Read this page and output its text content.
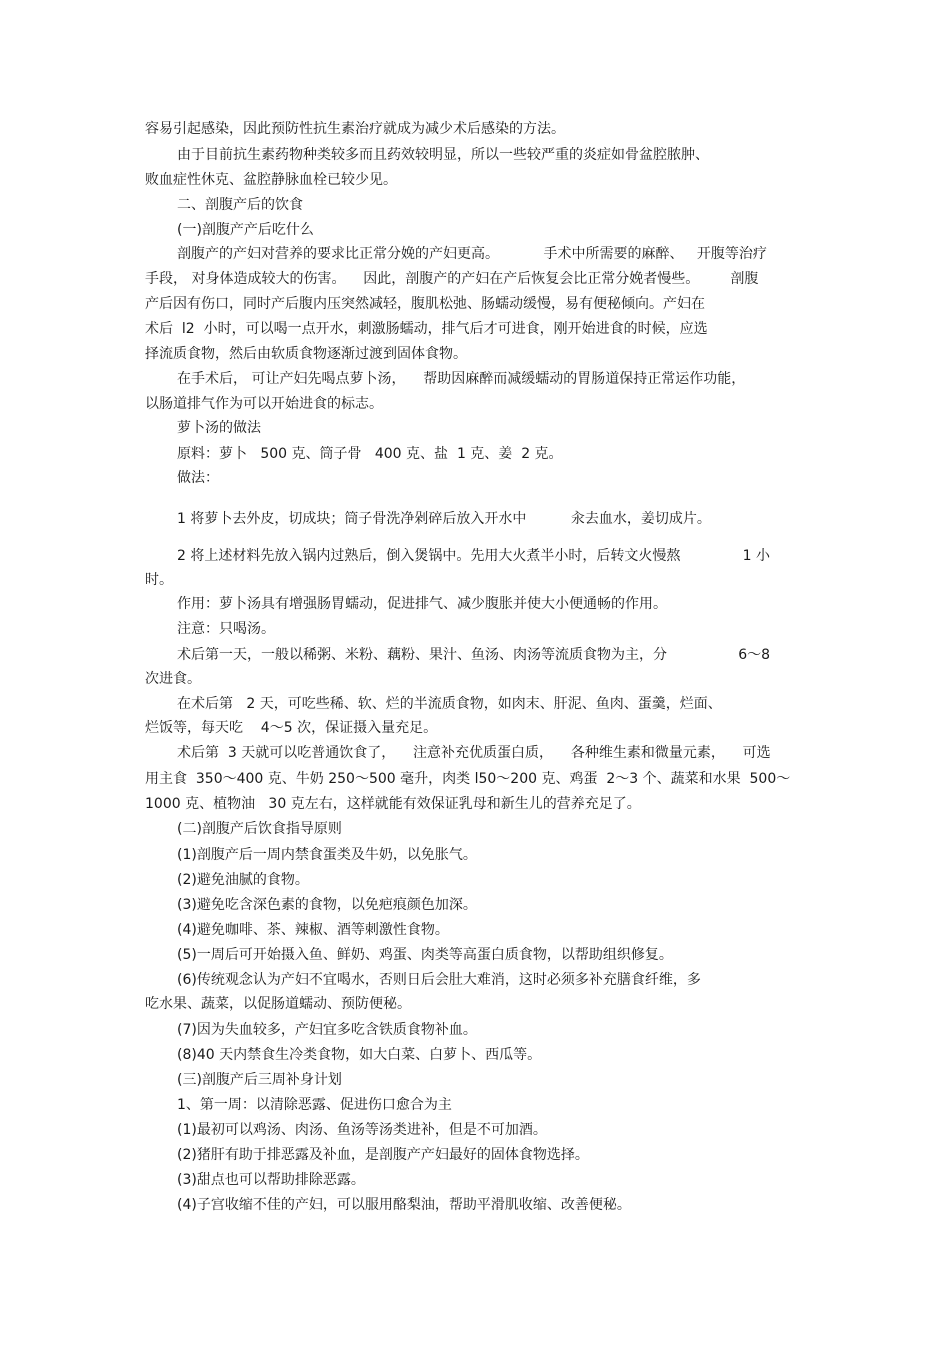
容易引起感染，因此预防性抗生素治疗就成为减少术后感染的方法。
由于目前抗生素药物种类较多而且药效较明显，所以一些较严重的炎症如骨盆腔脓肿、
败血症性休克、盆腔静脉血栓已较少见。
二、剖腹产后的饮食
(一)剖腹产产后吃什么
剖腹产的产妇对营养的要求比正常分娩的产妇更高。          手术中所需要的麻醉、   开腹等治疗
手段， 对身体造成较大的伤害。    因此，剖腹产的产妇在产后恢复会比正常分娩者慢些。       剖腹
产后因有伤口，同时产后腹内压突然减轻，腹肌松弛、肠蠕动缓慢，易有便秘倾向。产妇在
术后  l2  小时，可以喝一点开水，刺激肠蠕动，排气后才可进食，刚开始进食的时候，应选
择流质食物，然后由软质食物逐渐过渡到固体食物。
在手术后， 可让产妇先喝点萝卜汤，    帮助因麻醉而减缓蠕动的胃肠道保持正常运作功能，
以肠道排气作为可以开始进食的标志。
萝卜汤的做法
原料：萝卜   500 克、筒子骨   400 克、盐  1 克、姜  2 克。
做法：
1 将萝卜去外皮，切成块；筒子骨洗净剁碎后放入开水中          汆去血水，姜切成片。
2 将上述材料先放入锅内过熟后，倒入煲锅中。先用大火煮半小时，后转文火慢熬              1 小
时。
作用：萝卜汤具有增强肠胃蠕动，促进排气、减少腹胀并使大小便通畅的作用。
注意：只喝汤。
术后第一天，一般以稀粥、米粉、藕粉、果汁、鱼汤、肉汤等流质食物为主，分                6～8
次进食。
在术后第   2 天，可吃些稀、软、烂的半流质食物，如肉末、肝泥、鱼肉、蛋羹，烂面、
烂饭等，每天吃    4～5 次，保证摄入量充足。
术后第  3 天就可以吃普通饮食了，    注意补充优质蛋白质，    各种维生素和微量元素，    可选
用主食  350～400 克、牛奶 250～500 毫升，肉类 l50～200 克、鸡蛋  2～3 个、蔬菜和水果  500～
1000 克、植物油   30 克左右，这样就能有效保证乳母和新生儿的营养充足了。
(二)剖腹产后饮食指导原则
(1)剖腹产后一周内禁食蛋类及牛奶，以免胀气。
(2)避免油腻的食物。
(3)避免吃含深色素的食物，以免疤痕颜色加深。
(4)避免咖啡、茶、辣椒、酒等刺激性食物。
(5)一周后可开始摄入鱼、鲜奶、鸡蛋、肉类等高蛋白质食物，以帮助组织修复。
(6)传统观念认为产妇不宜喝水，否则日后会肚大难消，这时必须多补充膳食纤维，多
吃水果、蔬菜，以促肠道蠕动、预防便秘。
(7)因为失血较多，产妇宜多吃含铁质食物补血。
(8)40 天内禁食生冷类食物，如大白菜、白萝卜、西瓜等。
(三)剖腹产后三周补身计划
1、第一周：以清除恶露、促进伤口愈合为主
(1)最初可以鸡汤、肉汤、鱼汤等汤类进补，但是不可加酒。
(2)猪肝有助于排恶露及补血，是剖腹产产妇最好的固体食物选择。
(3)甜点也可以帮助排除恶露。
(4)子宫收缩不佳的产妇，可以服用酪梨油，帮助平滑肌收缩、改善便秘。
